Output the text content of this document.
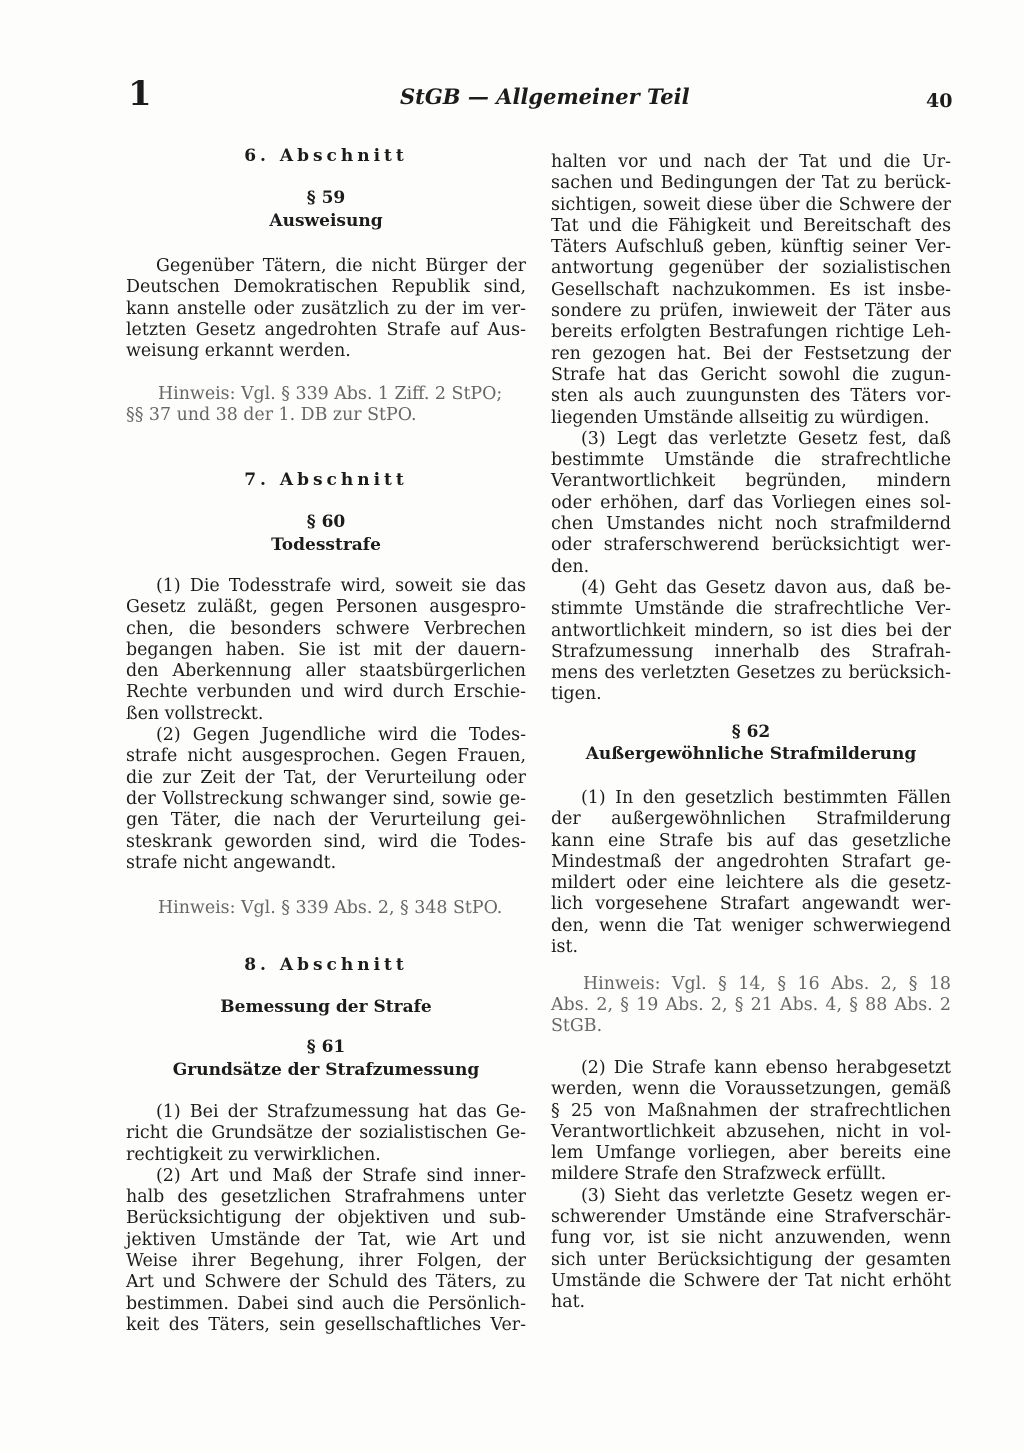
1	StGB — Allgemeiner Teil	40
6. Abschnitt
§ 59
Ausweisung
Gegenüber Tätern, die nicht Bürger der
Deutschen Demokratischen Republik sind,
kann anstelle oder zusätzlich zu der im ver-
letzten Gesetz angedrohten Strafe auf Aus-
weisung erkannt werden.
Hinweis: Vgl. § 339 Abs. 1 Ziff. 2 StPO;
§§ 37 und 38 der 1. DB zur StPO.
7. Abschnitt
§ 60
Todesstrafe
(1) Die Todesstrafe wird, soweit sie das
Gesetz zuläßt, gegen Personen ausgespro-
chen, die besonders schwere Verbrechen
begangen haben. Sie ist mit der dauern-
den Aberkennung aller staatsbürgerlichen
Rechte verbunden und wird durch Erschie-
ßen vollstreckt.
(2) Gegen Jugendliche wird die Todes-
strafe nicht ausgesprochen. Gegen Frauen,
die zur Zeit der Tat, der Verurteilung oder
der Vollstreckung schwanger sind, sowie ge-
gen Täter, die nach der Verurteilung gei-
steskrank geworden sind, wird die Todes-
strafe nicht angewandt.
Hinweis: Vgl. § 339 Abs. 2, § 348 StPO.
8. Abschnitt
Bemessung der Strafe
§ 61
Grundsätze der Strafzumessung
(1) Bei der Strafzumessung hat das Ge-
richt die Grundsätze der sozialistischen Ge-
rechtigkeit zu verwirklichen.
(2) Art und Maß der Strafe sind inner-
halb des gesetzlichen Strafrahmens unter
Berücksichtigung der objektiven und sub-
jektiven Umstände der Tat, wie Art und
Weise ihrer Begehung, ihrer Folgen, der
Art und Schwere der Schuld des Täters, zu
bestimmen. Dabei sind auch die Persönlich-
keit des Täters, sein gesellschaftliches Ver-
halten vor und nach der Tat und die Ur-
sachen und Bedingungen der Tat zu berück-
sichtigen, soweit diese über die Schwere der
Tat und die Fähigkeit und Bereitschaft des
Täters Aufschluß geben, künftig seiner Ver-
antwortung gegenüber der sozialistischen
Gesellschaft nachzukommen. Es ist insbe-
sondere zu prüfen, inwieweit der Täter aus
bereits erfolgten Bestrafungen richtige Leh-
ren gezogen hat. Bei der Festsetzung der
Strafe hat das Gericht sowohl die zugun-
sten als auch zuungunsten des Täters vor-
liegenden Umstände allseitig zu würdigen.
(3) Legt das verletzte Gesetz fest, daß
bestimmte Umstände die strafrechtliche
Verantwortlichkeit begründen, mindern
oder erhöhen, darf das Vorliegen eines sol-
chen Umstandes nicht noch strafmildernd
oder straferschwerend berücksichtigt wer-
den.
(4) Geht das Gesetz davon aus, daß be-
stimmte Umstände die strafrechtliche Ver-
antwortlichkeit mindern, so ist dies bei der
Strafzumessung innerhalb des Strafrah-
mens des verletzten Gesetzes zu berücksich-
tigen.
§ 62
Außergewöhnliche Strafmilderung
(1) In den gesetzlich bestimmten Fällen
der außergewöhnlichen Strafmilderung
kann eine Strafe bis auf das gesetzliche
Mindestmaß der angedrohten Strafart ge-
mildert oder eine leichtere als die gesetz-
lich vorgesehene Strafart angewandt wer-
den, wenn die Tat weniger schwerwiegend
ist.
Hinweis: Vgl. § 14, § 16 Abs. 2, § 18
Abs. 2, § 19 Abs. 2, § 21 Abs. 4, § 88 Abs. 2
StGB.
(2) Die Strafe kann ebenso herabgesetzt
werden, wenn die Voraussetzungen, gemäß
§ 25 von Maßnahmen der strafrechtlichen
Verantwortlichkeit abzusehen, nicht in vol-
lem Umfange vorliegen, aber bereits eine
mildere Strafe den Strafzweck erfüllt.
(3) Sieht das verletzte Gesetz wegen er-
schwerender Umstände eine Strafverschär-
fung vor, ist sie nicht anzuwenden, wenn
sich unter Berücksichtigung der gesamten
Umstände die Schwere der Tat nicht erhöht
hat.
